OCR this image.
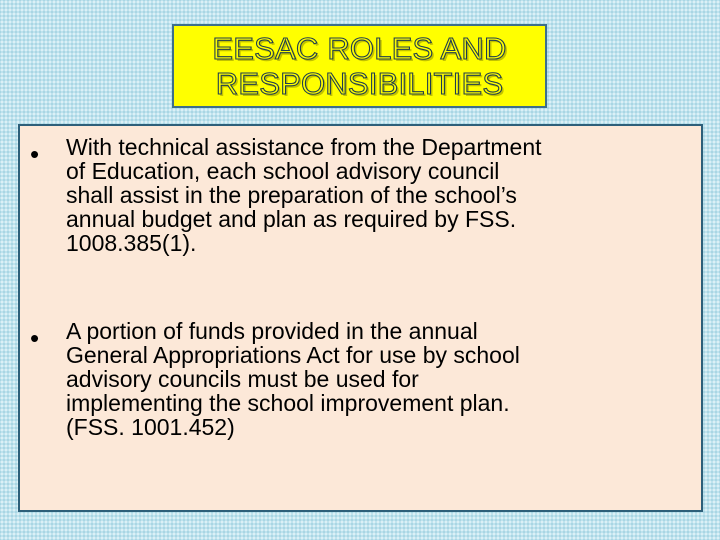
EESAC ROLES AND
RESPONSIBILITIES
• With technical assistance from the Department
of Education, each school advisory council
shall assist in the preparation of the school’s
annual budget and plan as required by FSS.
1008.385(1).
• A portion of funds provided in the annual
General Appropriations Act for use by school
advisory councils must be used for
implementing the school improvement plan.
(FSS. 1001.452)
